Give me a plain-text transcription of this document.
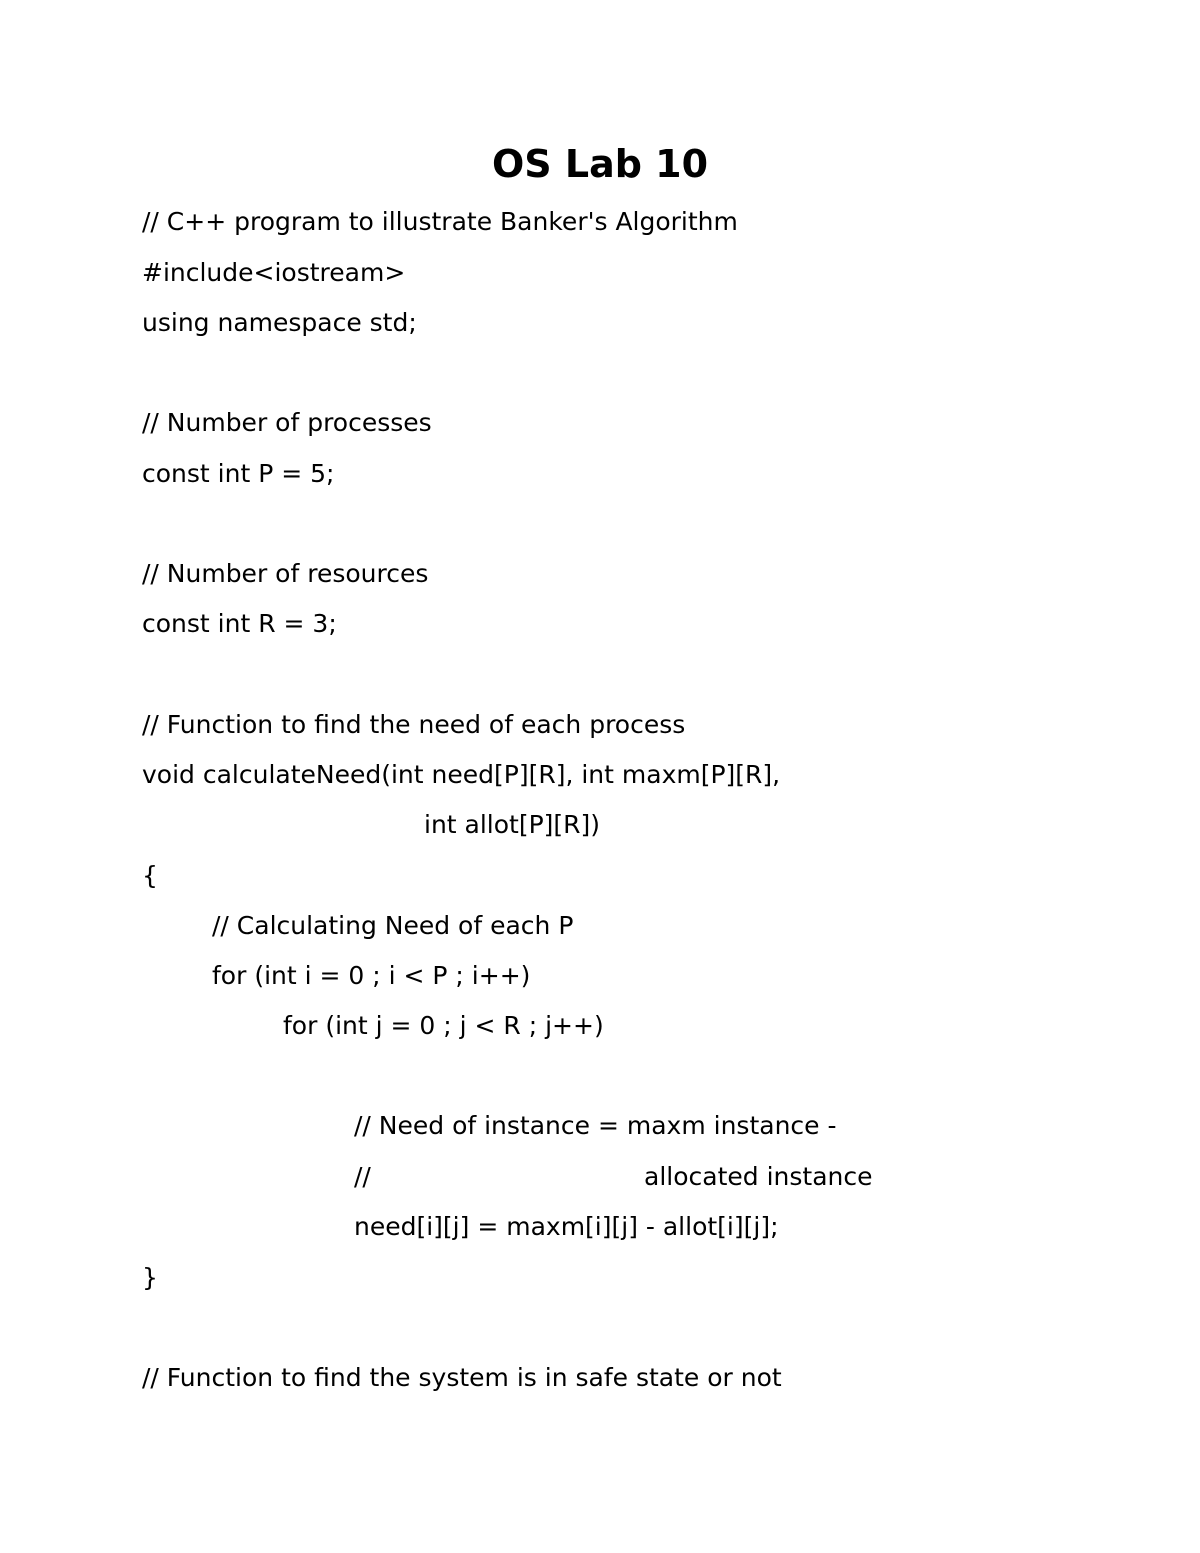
OS Lab 10
// C++ program to illustrate Banker's Algorithm
#include<iostream>
using namespace std;
// Number of processes
const int P = 5;
// Number of resources
const int R = 3;
// Function to find the need of each process
void calculateNeed(int need[P][R], int maxm[P][R],
int allot[P][R])
{
// Calculating Need of each P
for (int i = 0 ; i < P ; i++)
for (int j = 0 ; j < R ; j++)
// Need of instance = maxm instance -
//	allocated instance
need[i][j] = maxm[i][j] - allot[i][j];
}
// Function to find the system is in safe state or not
